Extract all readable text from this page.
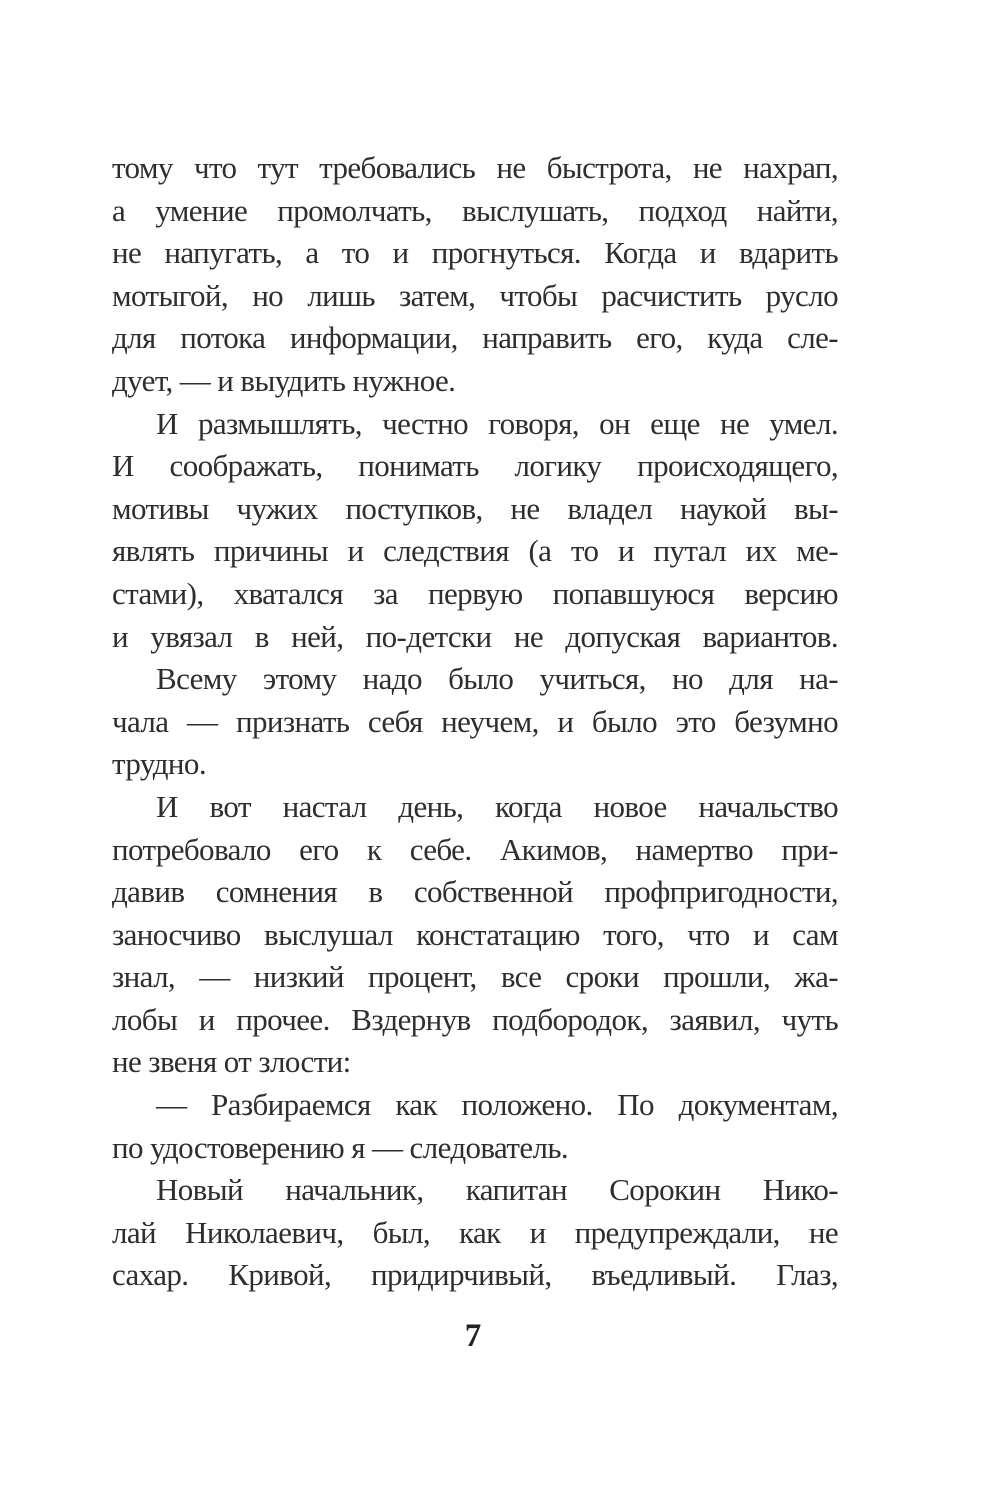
тому что тут требовались не быстрота, не нахрап,
а умение промолчать, выслушать, подход найти,
не напугать, а то и прогнуться. Когда и вдарить
мотыгой, но лишь затем, чтобы расчистить русло
для потока информации, направить его, куда сле-
дует, — и выудить нужное.
И размышлять, честно говоря, он еще не умел.
И соображать, понимать логику происходящего,
мотивы чужих поступков, не владел наукой вы-
являть причины и следствия (а то и путал их ме-
стами), хватался за первую попавшуюся версию
и увязал в ней, по-детски не допуская вариантов.
Всему этому надо было учиться, но для на-
чала — признать себя неучем, и было это безумно
трудно.
И вот настал день, когда новое начальство
потребовало его к себе. Акимов, намертво при-
давив сомнения в собственной профпригодности,
заносчиво выслушал констатацию того, что и сам
знал, — низкий процент, все сроки прошли, жа-
лобы и прочее. Вздернув подбородок, заявил, чуть
не звеня от злости:
— Разбираемся как положено. По документам,
по удостоверению я — следователь.
Новый начальник, капитан Сорокин Нико-
лай Николаевич, был, как и предупреждали, не
сахар. Кривой, придирчивый, въедливый. Глаз,
7
